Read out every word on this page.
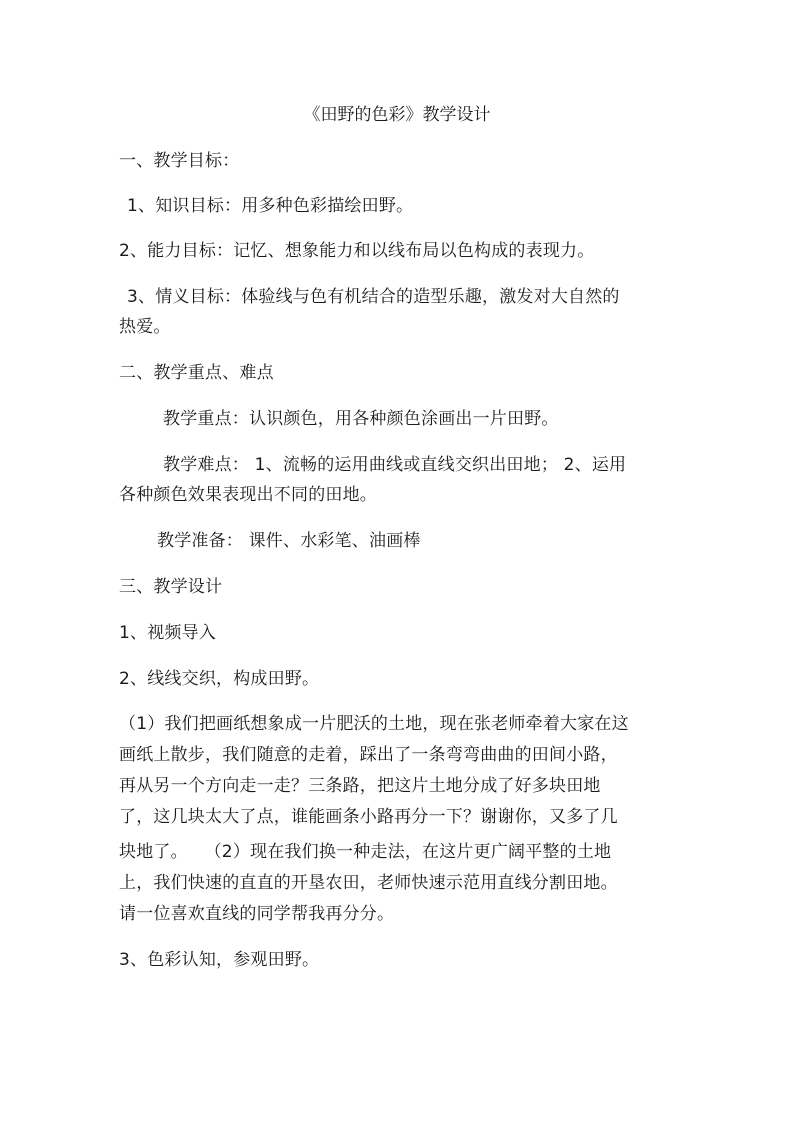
《田野的色彩》教学设计
一、教学目标：
1、知识目标：用多种色彩描绘田野。
2、能力目标：记忆、想象能力和以线布局以色构成的表现力。
3、情义目标：体验线与色有机结合的造型乐趣，激发对大自然的
热爱。
二、教学重点、难点
教学重点：认识颜色，用各种颜色涂画出一片田野。
教学难点： 1、流畅的运用曲线或直线交织出田地； 2、运用
各种颜色效果表现出不同的田地。
教学准备： 课件、水彩笔、油画棒
三、教学设计
1、视频导入
2、线线交织，构成田野。
（1）我们把画纸想象成一片肥沃的土地，现在张老师牵着大家在这
画纸上散步，我们随意的走着，踩出了一条弯弯曲曲的田间小路，
再从另一个方向走一走？三条路，把这片土地分成了好多块田地
了，这几块太大了点，谁能画条小路再分一下？谢谢你，又多了几
块地了。   （2）现在我们换一种走法，在这片更广阔平整的土地
上，我们快速的直直的开垦农田，老师快速示范用直线分割田地。
请一位喜欢直线的同学帮我再分分。
3、色彩认知，参观田野。
